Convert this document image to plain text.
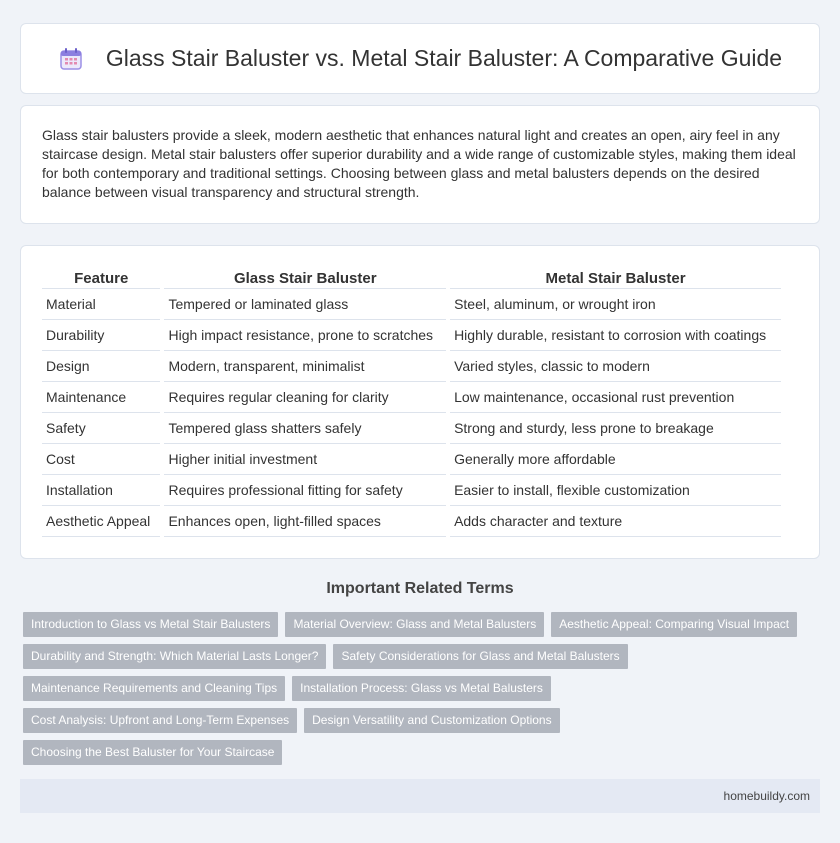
Glass Stair Baluster vs. Metal Stair Baluster: A Comparative Guide

Glass stair balusters provide a sleek, modern aesthetic that enhances natural light and creates an open, airy feel in any staircase design. Metal stair balusters offer superior durability and a wide range of customizable styles, making them ideal for both contemporary and traditional settings. Choosing between glass and metal balusters depends on the desired balance between visual transparency and structural strength.

Feature	Glass Stair Baluster	Metal Stair Baluster
Material	Tempered or laminated glass	Steel, aluminum, or wrought iron
Durability	High impact resistance, prone to scratches	Highly durable, resistant to corrosion with coatings
Design	Modern, transparent, minimalist	Varied styles, classic to modern
Maintenance	Requires regular cleaning for clarity	Low maintenance, occasional rust prevention
Safety	Tempered glass shatters safely	Strong and sturdy, less prone to breakage
Cost	Higher initial investment	Generally more affordable
Installation	Requires professional fitting for safety	Easier to install, flexible customization
Aesthetic Appeal	Enhances open, light-filled spaces	Adds character and texture
Important Related Terms
Introduction to Glass vs Metal Stair Balusters	Material Overview: Glass and Metal Balusters	Aesthetic Appeal: Comparing Visual Impact
Durability and Strength: Which Material Lasts Longer?	Safety Considerations for Glass and Metal Balusters
Maintenance Requirements and Cleaning Tips	Installation Process: Glass vs Metal Balusters
Cost Analysis: Upfront and Long-Term Expenses	Design Versatility and Customization Options
Choosing the Best Baluster for Your Staircase
homebuildy.com
